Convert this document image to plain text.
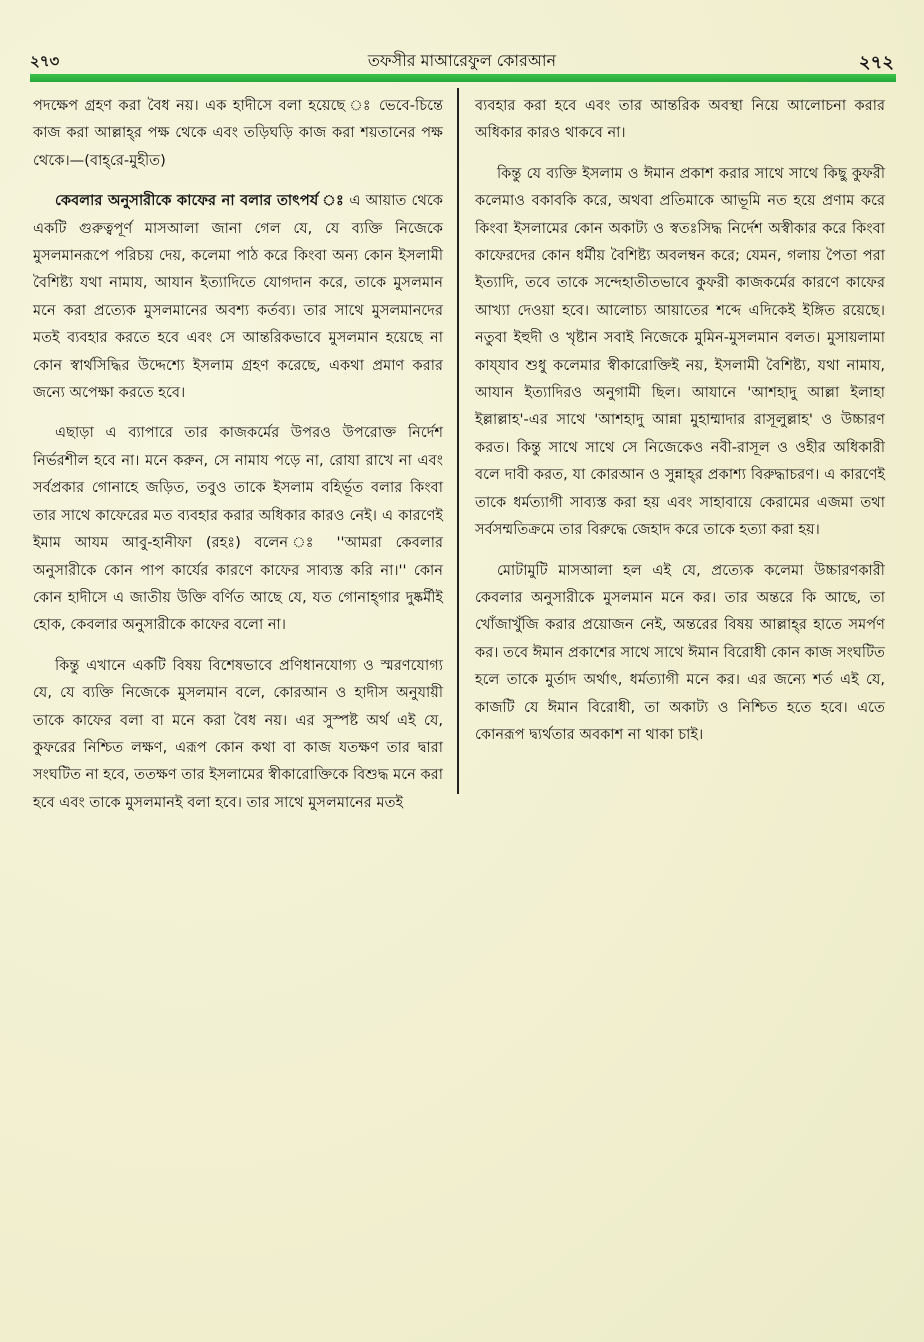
২৭৩	তফসীর মাআরেফুল কোরআন	২৭২

পদক্ষেপ গ্রহণ করা বৈধ নয়। এক হাদীসে বলা হয়েছে ঃ ভেবে-চিন্তে কাজ করা আল্লাহ্‌র পক্ষ থেকে এবং তড়িঘড়ি কাজ করা শয়তানের পক্ষ থেকে।—(বাহ্‌রে-মুহীত)

কেবলার অনুসারীকে কাফের না বলার তাৎপর্য ঃ এ আয়াত থেকে একটি গুরুত্বপূর্ণ মাসআলা জানা গেল যে, যে ব্যক্তি নিজেকে মুসলমানরূপে পরিচয় দেয়, কলেমা পাঠ করে কিংবা অন্য কোন ইসলামী বৈশিষ্ট্য যথা নামায, আযান ইত্যাদিতে যোগদান করে, তাকে মুসলমান মনে করা প্রত্যেক মুসলমানের অবশ্য কর্তব্য। তার সাথে মুসলমানদের মতই ব্যবহার করতে হবে এবং সে আন্তরিকভাবে মুসলমান হয়েছে না কোন স্বার্থসিদ্ধির উদ্দেশ্যে ইসলাম গ্রহণ করেছে, একথা প্রমাণ করার জন্যে অপেক্ষা করতে হবে।

এছাড়া এ ব্যাপারে তার কাজকর্মের উপরও উপরোক্ত নির্দেশ নির্ভরশীল হবে না। মনে করুন, সে নামায পড়ে না, রোযা রাখে না এবং সর্বপ্রকার গোনাহে জড়িত, তবুও তাকে ইসলাম বহির্ভূত বলার কিংবা তার সাথে কাফেরের মত ব্যবহার করার অধিকার কারও নেই। এ কারণেই ইমাম আযম আবু-হানীফা (রহঃ) বলেন ঃ ''আমরা কেবলার অনুসারীকে কোন পাপ কার্যের কারণে কাফের সাব্যস্ত করি না।'' কোন কোন হাদীসে এ জাতীয় উক্তি বর্ণিত আছে যে, যত গোনাহ্‌গার দুষ্কর্মীই হোক, কেবলার অনুসারীকে কাফের বলো না।

কিন্তু এখানে একটি বিষয় বিশেষভাবে প্রণিধানযোগ্য ও স্মরণযোগ্য যে, যে ব্যক্তি নিজেকে মুসলমান বলে, কোরআন ও হাদীস অনুযায়ী তাকে কাফের বলা বা মনে করা বৈধ নয়। এর সুস্পষ্ট অর্থ এই যে, কুফরের নিশ্চিত লক্ষণ, এরূপ কোন কথা বা কাজ যতক্ষণ তার দ্বারা সংঘটিত না হবে, ততক্ষণ তার ইসলামের স্বীকারোক্তিকে বিশুদ্ধ মনে করা হবে এবং তাকে মুসলমানই বলা হবে। তার সাথে মুসলমানের মতই

ব্যবহার করা হবে এবং তার আন্তরিক অবস্থা নিয়ে আলোচনা করার অধিকার কারও থাকবে না।

কিন্তু যে ব্যক্তি ইসলাম ও ঈমান প্রকাশ করার সাথে সাথে কিছু কুফরী কলেমাও বকাবকি করে, অথবা প্রতিমাকে আভূমি নত হয়ে প্রণাম করে কিংবা ইসলামের কোন অকাট্য ও স্বতঃসিদ্ধ নির্দেশ অস্বীকার করে কিংবা কাফেরদের কোন ধর্মীয় বৈশিষ্ট্য অবলম্বন করে; যেমন, গলায় পৈতা পরা ইত্যাদি, তবে তাকে সন্দেহাতীতভাবে কুফরী কাজকর্মের কারণে কাফের আখ্যা দেওয়া হবে। আলোচ্য আয়াতের শব্দে এদিকেই ইঙ্গিত রয়েছে। নতুবা ইহুদী ও খৃষ্টান সবাই নিজেকে মুমিন-মুসলমান বলত। মুসায়লামা কায্‌যাব শুধু কলেমার স্বীকারোক্তিই নয়, ইসলামী বৈশিষ্ট্য, যথা নামায, আযান ইত্যাদিরও অনুগামী ছিল। আযানে 'আশহাদু আল্লা ইলাহা ইল্লাল্লাহ'-এর সাথে 'আশহাদু আন্না মুহাম্মাদার রাসূলুল্লাহ' ও উচ্চারণ করত। কিন্তু সাথে সাথে সে নিজেকেও নবী-রাসূল ও ওহীর অধিকারী বলে দাবী করত, যা কোরআন ও সুন্নাহ্‌র প্রকাশ্য বিরুদ্ধাচরণ। এ কারণেই তাকে ধর্মত্যাগী সাব্যস্ত করা হয় এবং সাহাবায়ে কেরামের এজমা তথা সর্বসম্মতিক্রমে তার বিরুদ্ধে জেহাদ করে তাকে হত্যা করা হয়।

মোটামুটি মাসআলা হল এই যে, প্রত্যেক কলেমা উচ্চারণকারী কেবলার অনুসারীকে মুসলমান মনে কর। তার অন্তরে কি আছে, তা খোঁজাখুঁজি করার প্রয়োজন নেই, অন্তরের বিষয় আল্লাহ্‌র হাতে সমর্পণ কর। তবে ঈমান প্রকাশের সাথে সাথে ঈমান বিরোধী কোন কাজ সংঘটিত হলে তাকে মুর্তাদ অর্থাৎ, ধর্মত্যাগী মনে কর। এর জন্যে শর্ত এই যে, কাজটি যে ঈমান বিরোধী, তা অকাট্য ও নিশ্চিত হতে হবে। এতে কোনরূপ দ্ব্যর্থতার অবকাশ না থাকা চাই।
